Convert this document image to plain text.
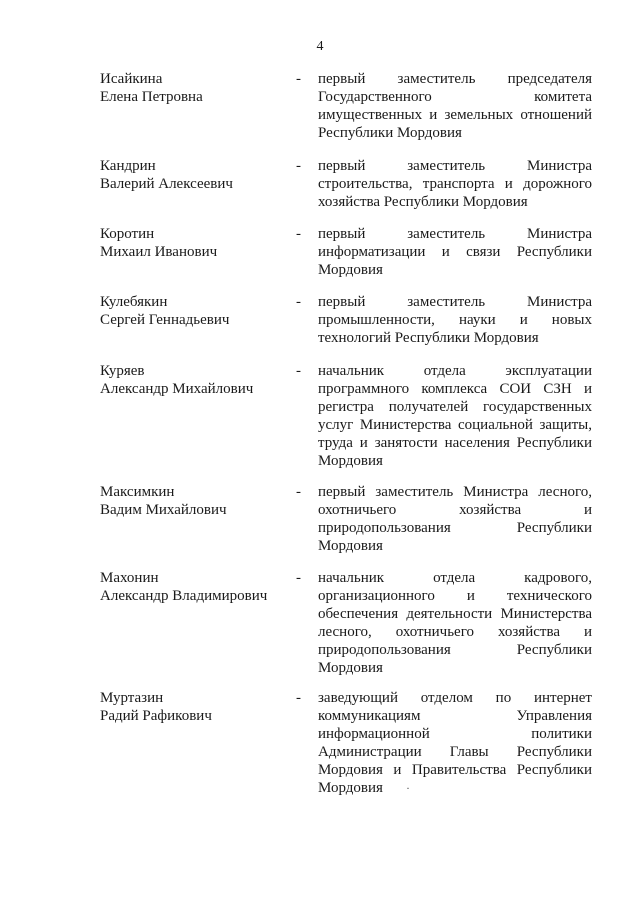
4
Исайкина
Елена Петровна
- первый заместитель председателя
Государственного комитета
имущественных и земельных отношений
Республики Мордовия
Кандрин
Валерий Алексеевич
- первый заместитель Министра
строительства, транспорта и дорожного
хозяйства Республики Мордовия
Коротин
Михаил Иванович
- первый заместитель Министра
информатизации и связи Республики
Мордовия
Кулебякин
Сергей Геннадьевич
- первый заместитель Министра
промышленности, науки и новых
технологий Республики Мордовия
Куряев
Александр Михайлович
- начальник отдела эксплуатации
программного комплекса СОИ СЗН и
регистра получателей государственных
услуг Министерства социальной защиты,
труда и занятости населения Республики
Мордовия
Максимкин
Вадим Михайлович
- первый заместитель Министра лесного,
охотничьего хозяйства и
природопользования Республики
Мордовия
Махонин
Александр Владимирович
- начальник отдела кадрового,
организационного и технического
обеспечения деятельности Министерства
лесного, охотничьего хозяйства и
природопользования Республики
Мордовия
Муртазин
Радий Рафикович
- заведующий отделом по интернет
коммуникациям Управления
информационной политики
Администрации Главы Республики
Мордовия и Правительства Республики
Мордовия	·
